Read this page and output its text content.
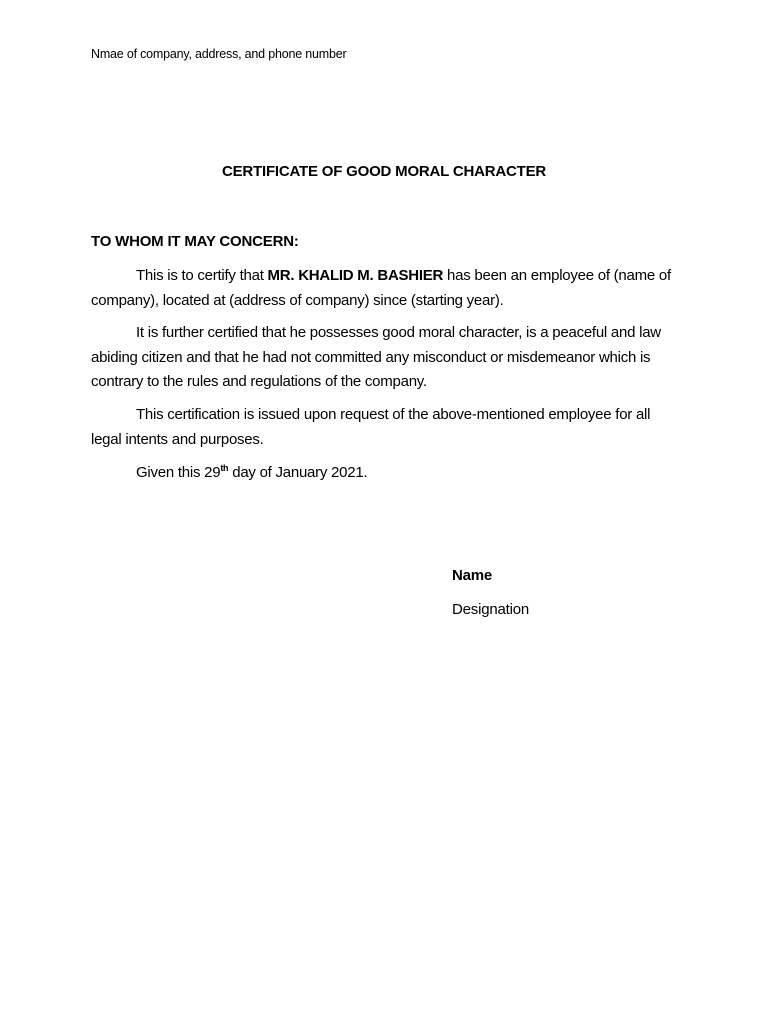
Nmae of company, address, and phone number
CERTIFICATE OF GOOD MORAL CHARACTER
TO WHOM IT MAY CONCERN:

This is to certify that MR. KHALID M. BASHIER has been an employee of (name of company), located at (address of company) since (starting year).

It is further certified that he possesses good moral character, is a peaceful and law abiding citizen and that he had not committed any misconduct or misdemeanor which is contrary to the rules and regulations of the company.

This certification is issued upon request of the above-mentioned employee for all legal intents and purposes.

Given this 29th day of January 2021.

Name
Designation
